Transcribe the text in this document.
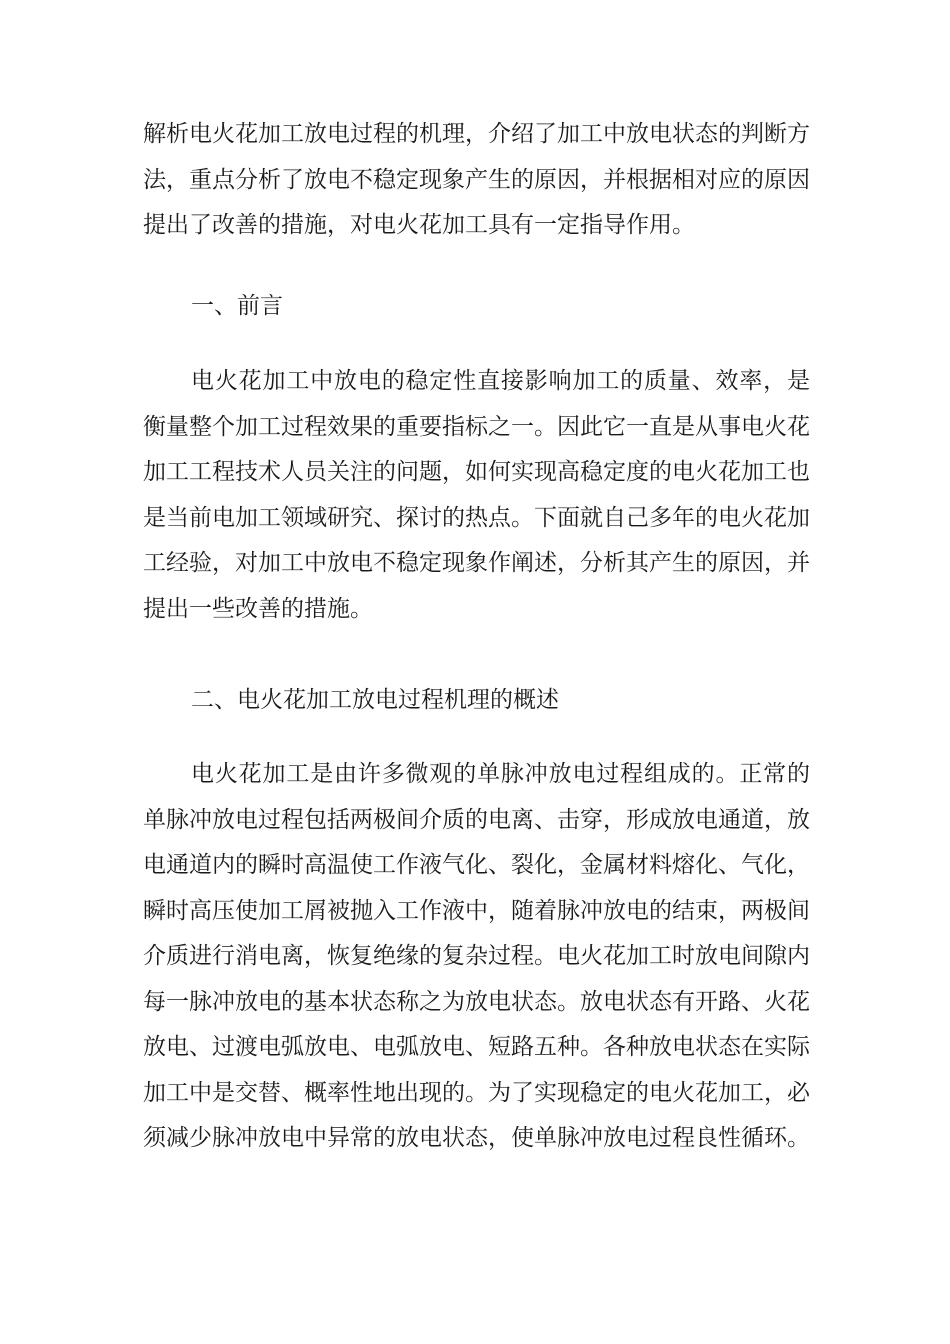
解析电火花加工放电过程的机理，介绍了加工中放电状态的判断方法，重点分析了放电不稳定现象产生的原因，并根据相对应的原因提出了改善的措施，对电火花加工具有一定指导作用。

一、前言

电火花加工中放电的稳定性直接影响加工的质量、效率，是衡量整个加工过程效果的重要指标之一。因此它一直是从事电火花加工工程技术人员关注的问题，如何实现高稳定度的电火花加工也是当前电加工领域研究、探讨的热点。下面就自己多年的电火花加工经验，对加工中放电不稳定现象作阐述，分析其产生的原因，并提出一些改善的措施。

二、电火花加工放电过程机理的概述

电火花加工是由许多微观的单脉冲放电过程组成的。正常的单脉冲放电过程包括两极间介质的电离、击穿，形成放电通道，放电通道内的瞬时高温使工作液气化、裂化，金属材料熔化、气化，瞬时高压使加工屑被抛入工作液中，随着脉冲放电的结束，两极间介质进行消电离，恢复绝缘的复杂过程。电火花加工时放电间隙内每一脉冲放电的基本状态称之为放电状态。放电状态有开路、火花放电、过渡电弧放电、电弧放电、短路五种。各种放电状态在实际加工中是交替、概率性地出现的。为了实现稳定的电火花加工，必须减少脉冲放电中异常的放电状态，使单脉冲放电过程良性循环。
